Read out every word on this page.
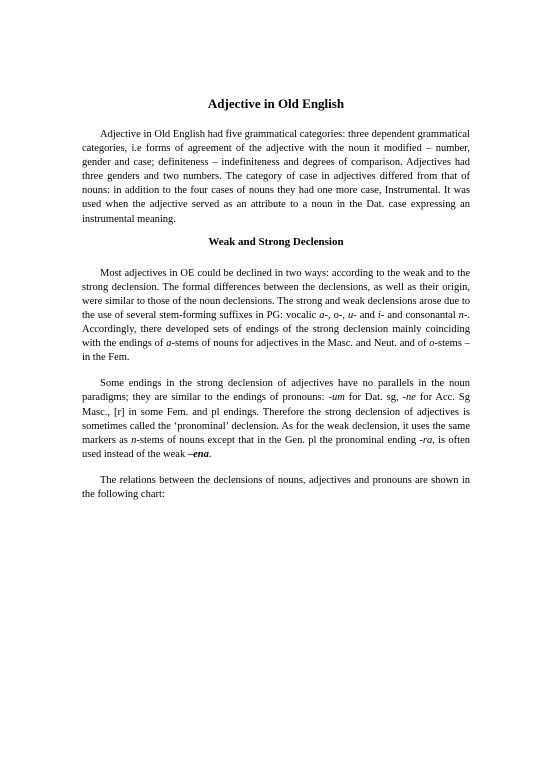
Adjective in Old English

Adjective in Old English had five grammatical categories: three dependent grammatical categories, i.e forms of agreement of the adjective with the noun it modified – number, gender and case; definiteness – indefiniteness and degrees of comparison. Adjectives had three genders and two numbers. The category of case in adjectives differed from that of nouns: in addition to the four cases of nouns they had one more case, Instrumental. It was used when the adjective served as an attribute to a noun in the Dat. case expressing an instrumental meaning.

Weak and Strong Declension

Most adjectives in OE could be declined in two ways: according to the weak and to the strong declension. The formal differences between the declensions, as well as their origin, were similar to those of the noun declensions. The strong and weak declensions arose due to the use of several stem-forming suffixes in PG: vocalic a-, o-, u- and i- and consonantal n-. Accordingly, there developed sets of endings of the strong declension mainly coinciding with the endings of a-stems of nouns for adjectives in the Masc. and Neut. and of o-stems – in the Fem.

Some endings in the strong declension of adjectives have no parallels in the noun paradigms; they are similar to the endings of pronouns: -um for Dat. sg, -ne for Acc. Sg Masc., [r] in some Fem. and pl endings. Therefore the strong declension of adjectives is sometimes called the ‘pronominal’ declension. As for the weak declension, it uses the same markers as n-stems of nouns except that in the Gen. pl the pronominal ending -ra, is often used instead of the weak –ena.

The relations between the declensions of nouns, adjectives and pronouns are shown in the following chart:
